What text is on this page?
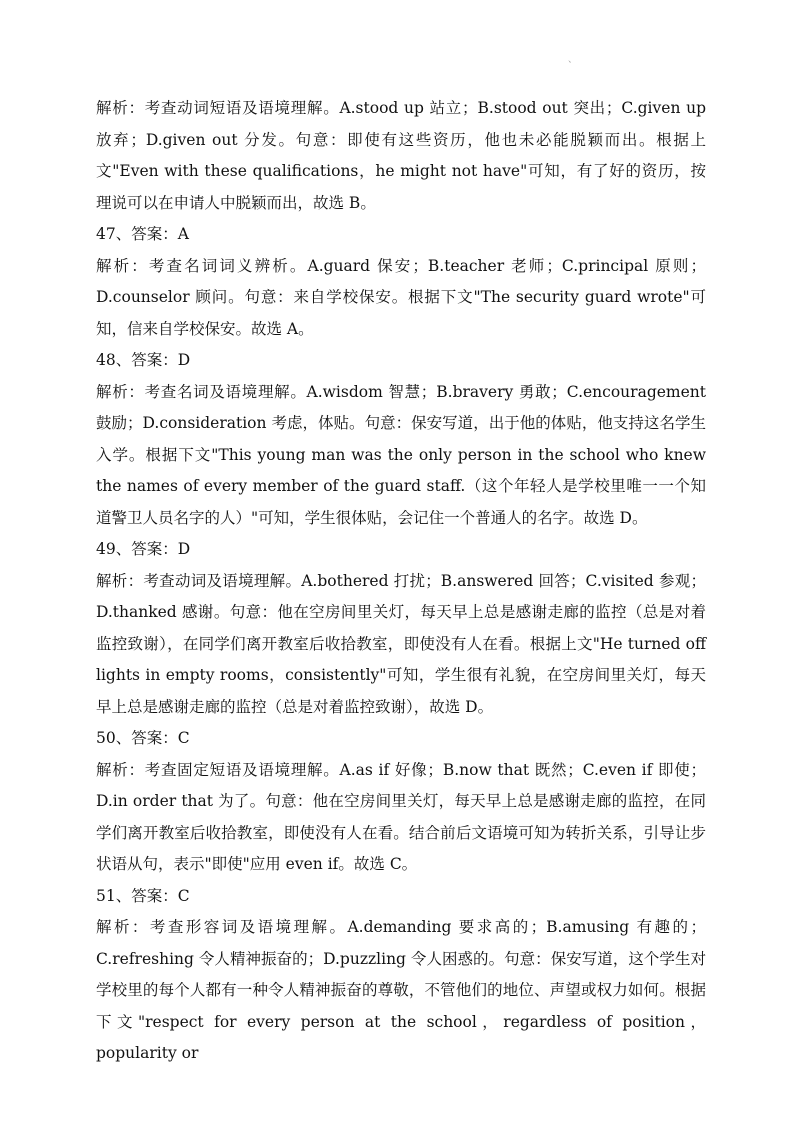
、

解析：考查动词短语及语境理解。A.stood up 站立；B.stood out 突出；C.given up 放弃；D.given out 分发。句意：即使有这些资历，他也未必能脱颖而出。根据上文"Even with these qualifications，he might not have"可知，有了好的资历，按理说可以在申请人中脱颖而出，故选 B。

47、答案：A

解析：考查名词词义辨析。A.guard 保安；B.teacher 老师；C.principal 原则；D.counselor 顾问。句意：来自学校保安。根据下文"The security guard wrote"可知，信来自学校保安。故选 A。

48、答案：D

解析：考查名词及语境理解。A.wisdom 智慧；B.bravery 勇敢；C.encouragement 鼓励；D.consideration 考虑，体贴。句意：保安写道，出于他的体贴，他支持这名学生入学。根据下文"This young man was the only person in the school who knew the names of every member of the guard staff.（这个年轻人是学校里唯一一个知道警卫人员名字的人）"可知，学生很体贴，会记住一个普通人的名字。故选 D。

49、答案：D

解析：考查动词及语境理解。A.bothered 打扰；B.answered 回答；C.visited 参观；D.thanked 感谢。句意：他在空房间里关灯，每天早上总是感谢走廊的监控（总是对着监控致谢），在同学们离开教室后收拾教室，即使没有人在看。根据上文"He turned off lights in empty rooms，consistently"可知，学生很有礼貌，在空房间里关灯，每天早上总是感谢走廊的监控（总是对着监控致谢），故选 D。

50、答案：C

解析：考查固定短语及语境理解。A.as if 好像；B.now that 既然；C.even if 即使；D.in order that 为了。句意：他在空房间里关灯，每天早上总是感谢走廊的监控，在同学们离开教室后收拾教室，即使没有人在看。结合前后文语境可知为转折关系，引导让步状语从句，表示"即使"应用 even if。故选 C。

51、答案：C

解析：考查形容词及语境理解。A.demanding 要求高的；B.amusing 有趣的；C.refreshing 令人精神振奋的；D.puzzling 令人困惑的。句意：保安写道，这个学生对学校里的每个人都有一种令人精神振奋的尊敬，不管他们的地位、声望或权力如何。根据下文"respect for every person at the school，regardless of position，popularity or
